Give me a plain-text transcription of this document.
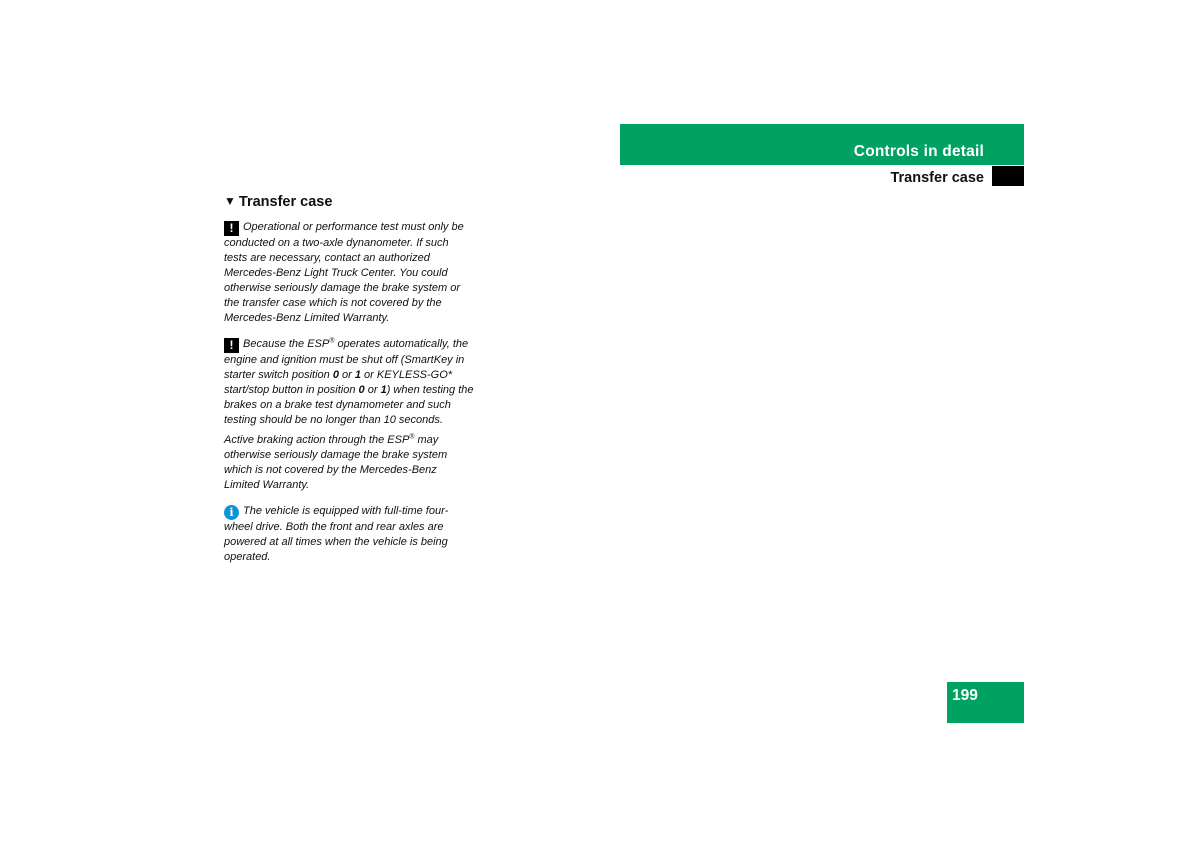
Controls in detail
Transfer case
▼ Transfer case

! Operational or performance test must only be conducted on a two-axle dynanometer. If such tests are necessary, contact an authorized Mercedes-Benz Light Truck Center. You could otherwise seriously damage the brake system or the transfer case which is not covered by the Mercedes-Benz Limited Warranty.

! Because the ESP® operates automatically, the engine and ignition must be shut off (SmartKey in starter switch position 0 or 1 or KEYLESS-GO* start/stop button in position 0 or 1) when testing the brakes on a brake test dynamometer and such testing should be no longer than 10 seconds.

Active braking action through the ESP® may otherwise seriously damage the brake system which is not covered by the Mercedes-Benz Limited Warranty.

i The vehicle is equipped with full-time four-wheel drive. Both the front and rear axles are powered at all times when the vehicle is being operated.

199
